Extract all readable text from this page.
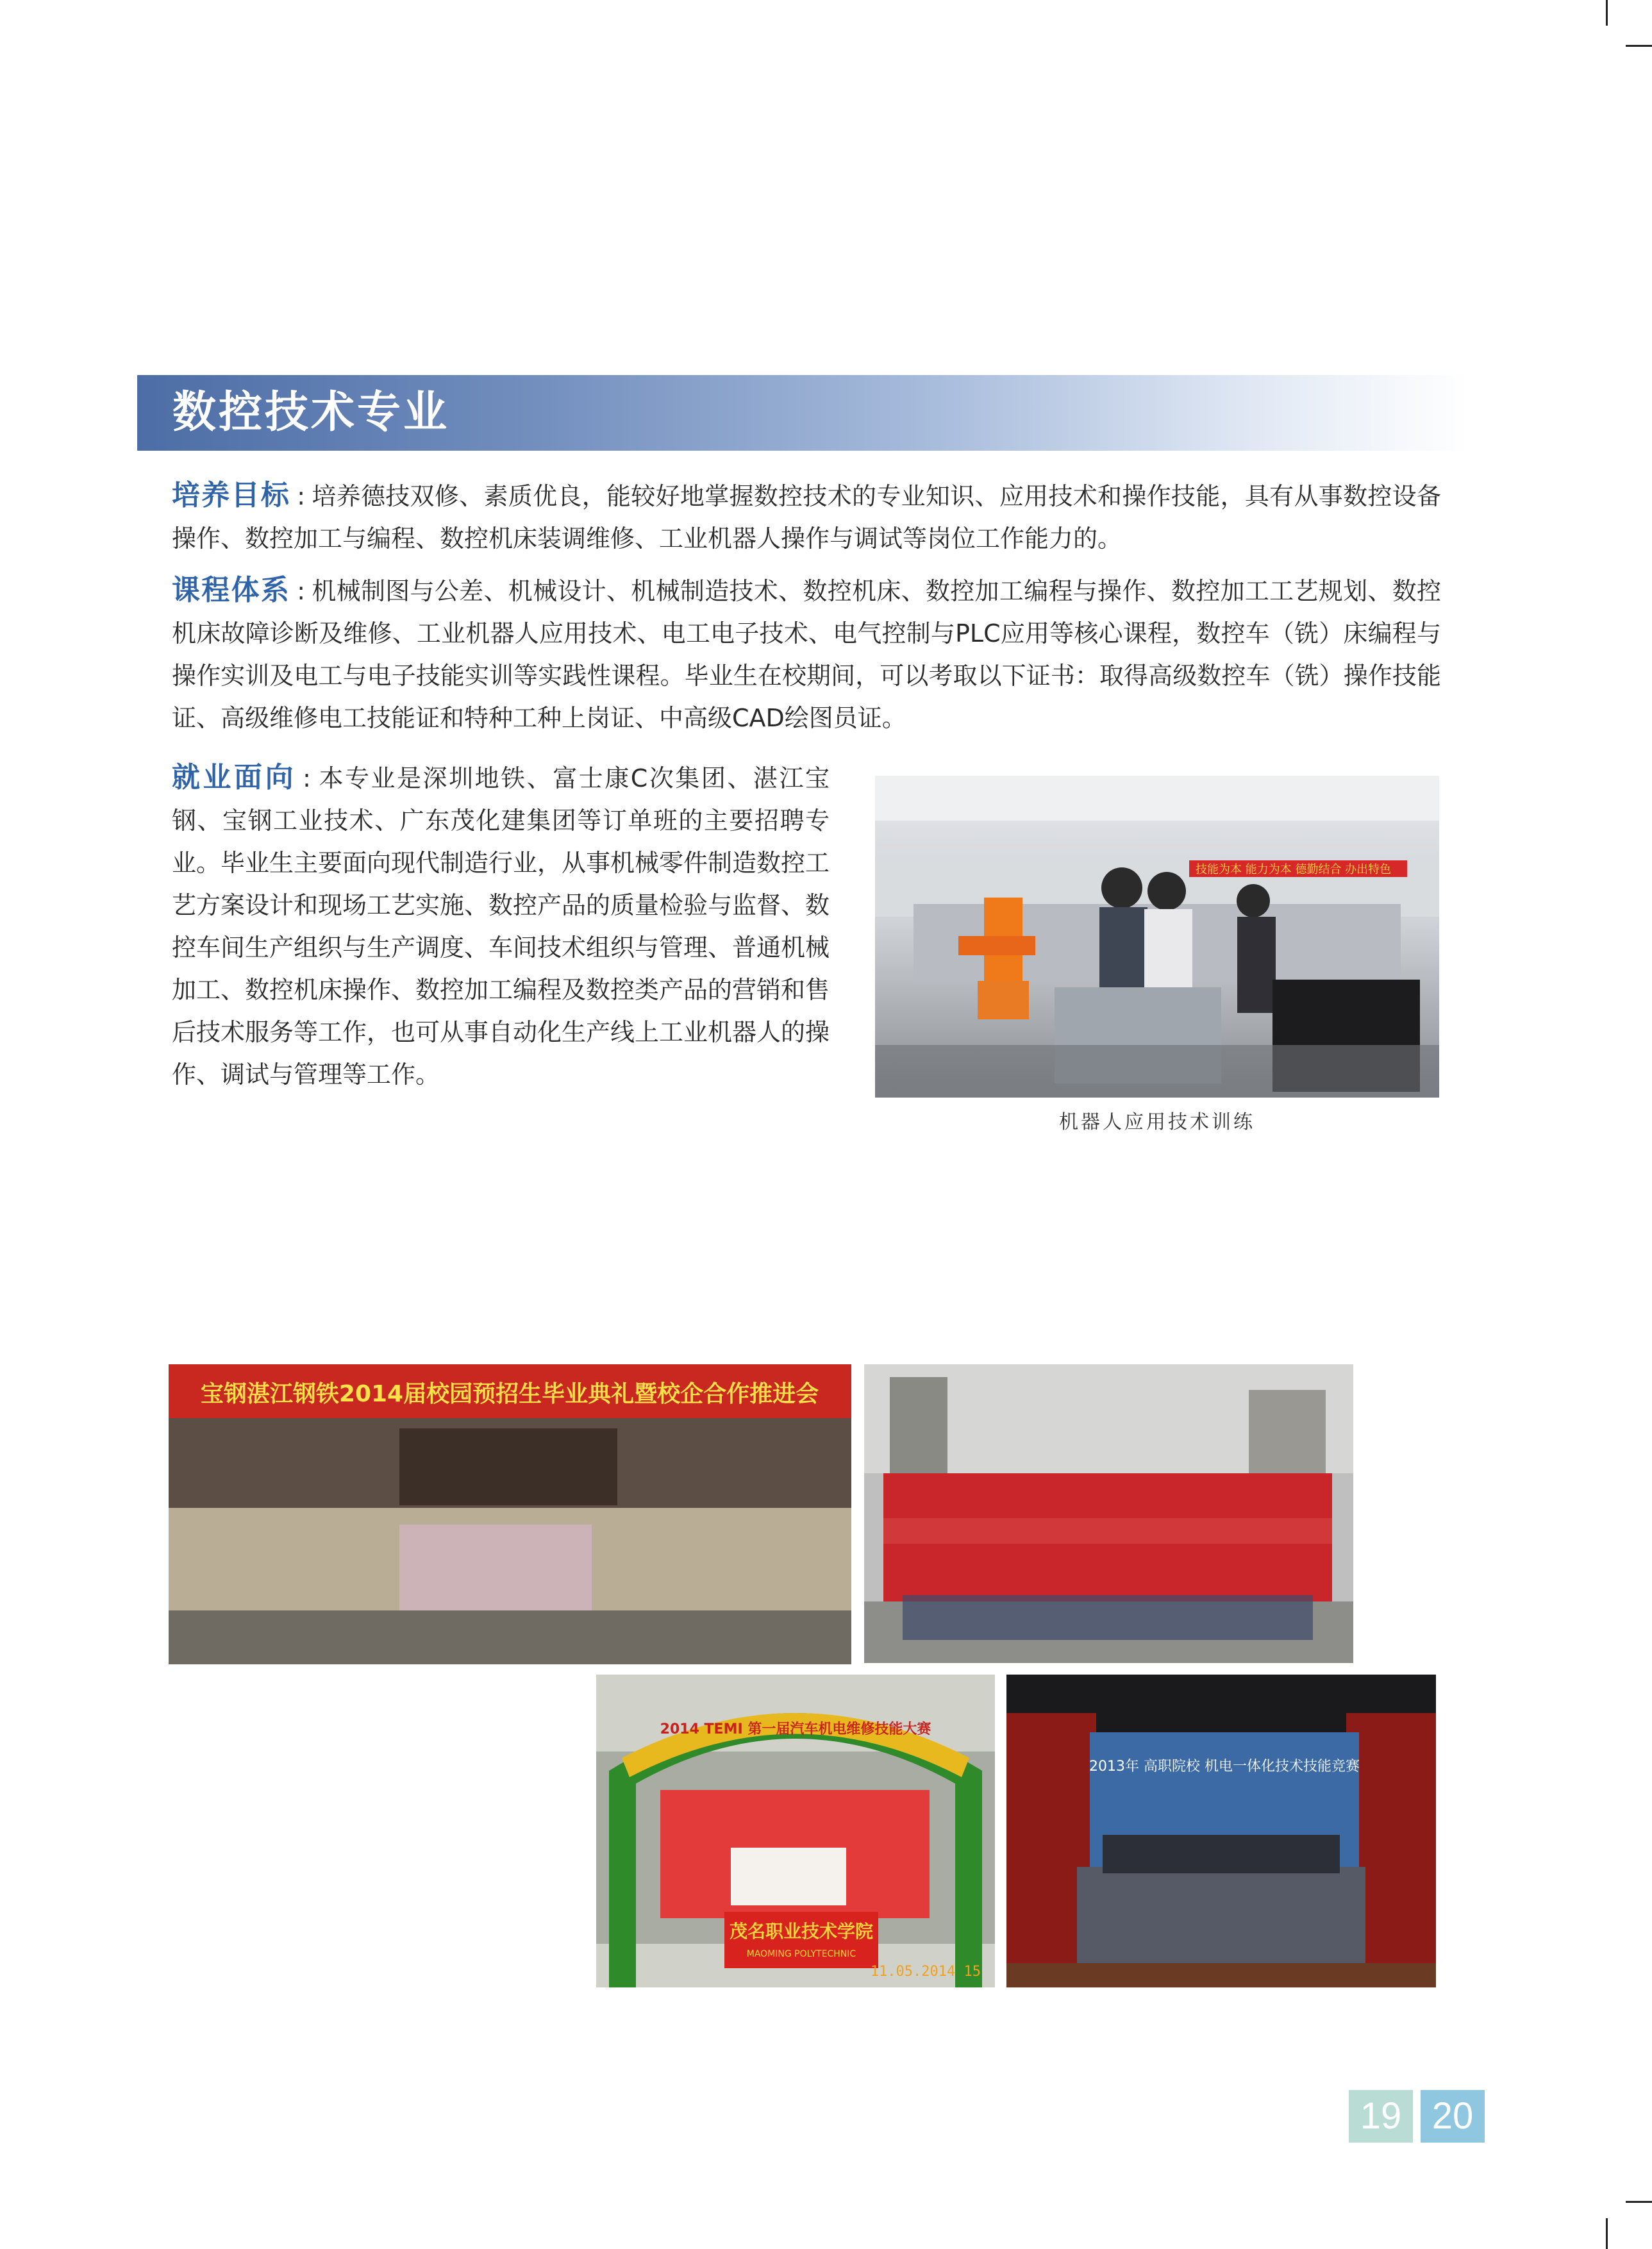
数控技术专业
培养目标 : 培养德技双修、素质优良，能较好地掌握数控技术的专业知识、应用技术和操作技能，具有从事数控设备操作、数控加工与编程、数控机床装调维修、工业机器人操作与调试等岗位工作能力的。
课程体系 : 机械制图与公差、机械设计、机械制造技术、数控机床、数控加工编程与操作、数控加工工艺规划、数控机床故障诊断及维修、工业机器人应用技术、电工电子技术、电气控制与PLC应用等核心课程，数控车（铣）床编程与操作实训及电工与电子技能实训等实践性课程。毕业生在校期间，可以考取以下证书：取得高级数控车（铣）操作技能证、高级维修电工技能证和特种工种上岗证、中高级CAD绘图员证。
就业面向 : 本专业是深圳地铁、富士康C次集团、湛江宝钢、宝钢工业技术、广东茂化建集团等订单班的主要招聘专业。毕业生主要面向现代制造行业，从事机械零件制造数控工艺方案设计和现场工艺实施、数控产品的质量检验与监督、数控车间生产组织与生产调度、车间技术组织与管理、普通机械加工、数控机床操作、数控加工编程及数控类产品的营销和售后技术服务等工作，也可从事自动化生产线上工业机器人的操作、调试与管理等工作。
技能为本 能力为本 德勤结合 办出特色
机器人应用技术训练
宝钢湛江钢铁2014届校园预招生毕业典礼暨校企合作推进会
2014 TEMI 第一届汽车机电维修技能大赛
茂名职业技术学院
MAOMING POLYTECHNIC
11.05.2014 15
2013年 高职院校 机电一体化技术技能竞赛
19 20
